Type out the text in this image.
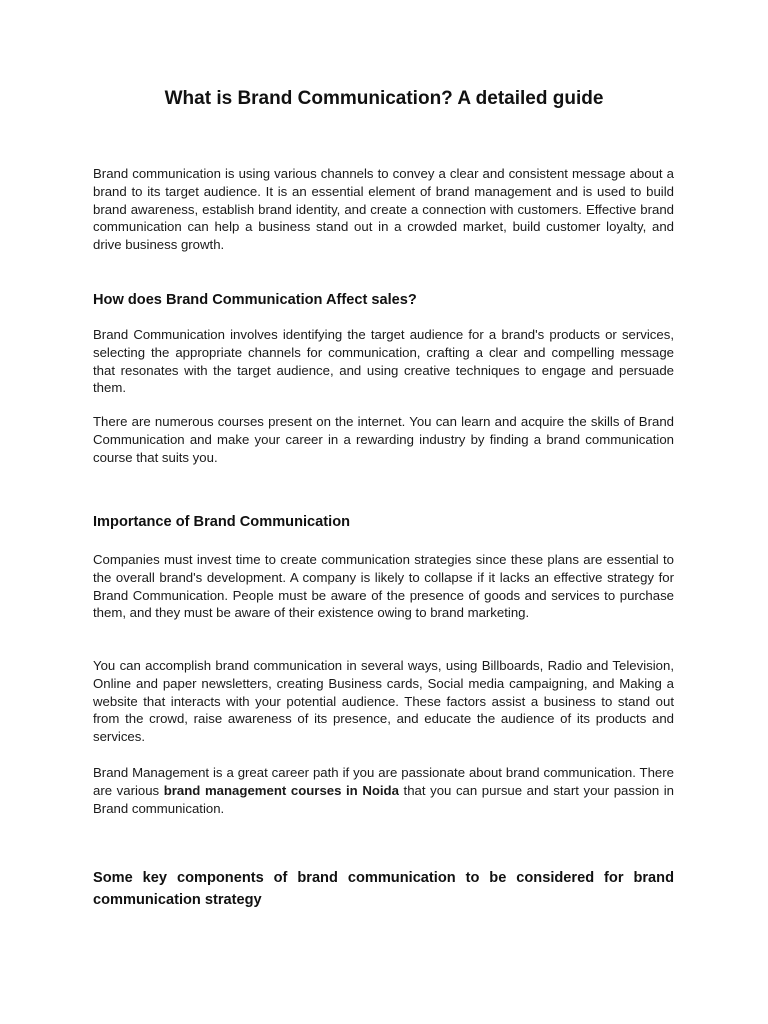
What is Brand Communication? A detailed guide

Brand communication is using various channels to convey a clear and consistent message about a brand to its target audience. It is an essential element of brand management and is used to build brand awareness, establish brand identity, and create a connection with customers. Effective brand communication can help a business stand out in a crowded market, build customer loyalty, and drive business growth.

How does Brand Communication Affect sales?

Brand Communication involves identifying the target audience for a brand's products or services, selecting the appropriate channels for communication, crafting a clear and compelling message that resonates with the target audience, and using creative techniques to engage and persuade them.

There are numerous courses present on the internet. You can learn and acquire the skills of Brand Communication and make your career in a rewarding industry by finding a brand communication course that suits you.

Importance of Brand Communication

Companies must invest time to create communication strategies since these plans are essential to the overall brand's development. A company is likely to collapse if it lacks an effective strategy for Brand Communication. People must be aware of the presence of goods and services to purchase them, and they must be aware of their existence owing to brand marketing.

You can accomplish brand communication in several ways, using Billboards, Radio and Television, Online and paper newsletters, creating Business cards, Social media campaigning, and Making a website that interacts with your potential audience. These factors assist a business to stand out from the crowd, raise awareness of its presence, and educate the audience of its products and services.

Brand Management is a great career path if you are passionate about brand communication. There are various brand management courses in Noida that you can pursue and start your passion in Brand communication.

Some key components of brand communication to be considered for brand communication strategy
